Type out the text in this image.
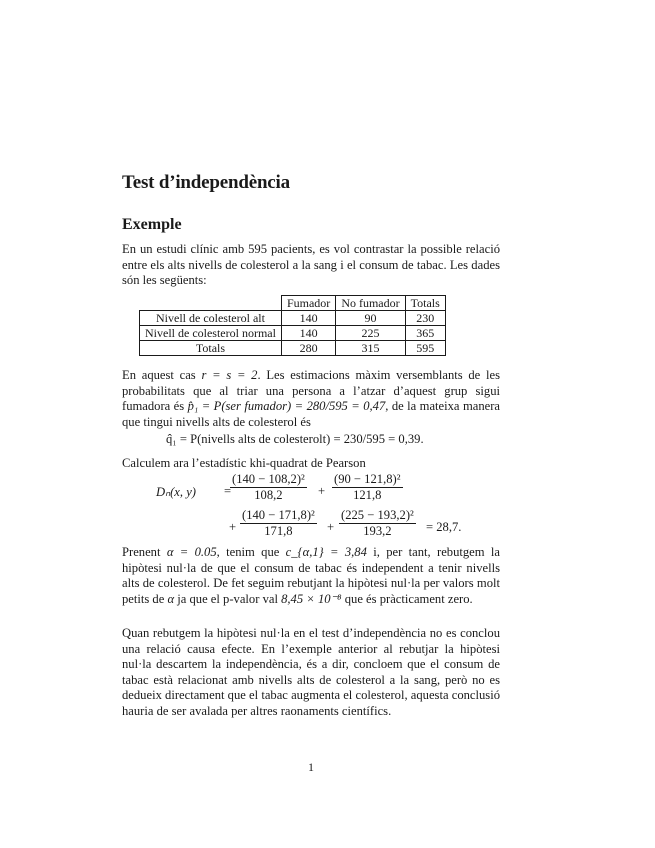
Test d’independència
Exemple

En un estudi clínic amb 595 pacients, es vol contrastar la possible relació entre els alts nivells de colesterol a la sang i el consum de tabac. Les dades són les següents:

	Fumador	No fumador	Totals
Nivell de colesterol alt	140	90	230
Nivell de colesterol normal	140	225	365
Totals	280	315	595

En aquest cas r = s = 2. Les estimacions màxim versemblants de les probabilitats que al triar una persona a l’atzar d’aquest grup sigui fumadora és p̂₁ = P(ser fumador) = 280/595 = 0,47, de la mateixa manera que tingui nivells alts de colesterol és

q̂₁ = P(nivells alts de colesterolt) = 230/595 = 0,39.

Calculem ara l’estadístic khi-quadrat de Pearson

Dₙ(x, y) =
$\frac{\text{(140 − 108,2)²}}{108,2} + \frac{\text{(90 − 121,8)²}}{121,8}$
+ $\frac{\text{(140 − 171,8)²}}{171,8} + \frac{\text{(225 − 193,2)²}}{193,2} = 28,7$.

Prenent α = 0.05, tenim que c_{α,1} = 3,84 i, per tant, rebutgem la hipòtesi nul·la de que el consum de tabac és independent a tenir nivells alts de colesterol. De fet seguim rebutjant la hipòtesi nul·la per valors molt petits de α ja que el p-valor val 8,45 × 10⁻⁸ que és pràcticament zero.

Quan rebutgem la hipòtesi nul·la en el test d’independència no es conclou una relació causa efecte. En l’exemple anterior al rebutjar la hipòtesi nul·la descartem la independència, és a dir, concloem que el consum de tabac està relacionat amb nivells alts de colesterol a la sang, però no es dedueix directament que el tabac augmenta el colesterol, aquesta conclusió hauria de ser avalada per altres raonaments científics.

1
